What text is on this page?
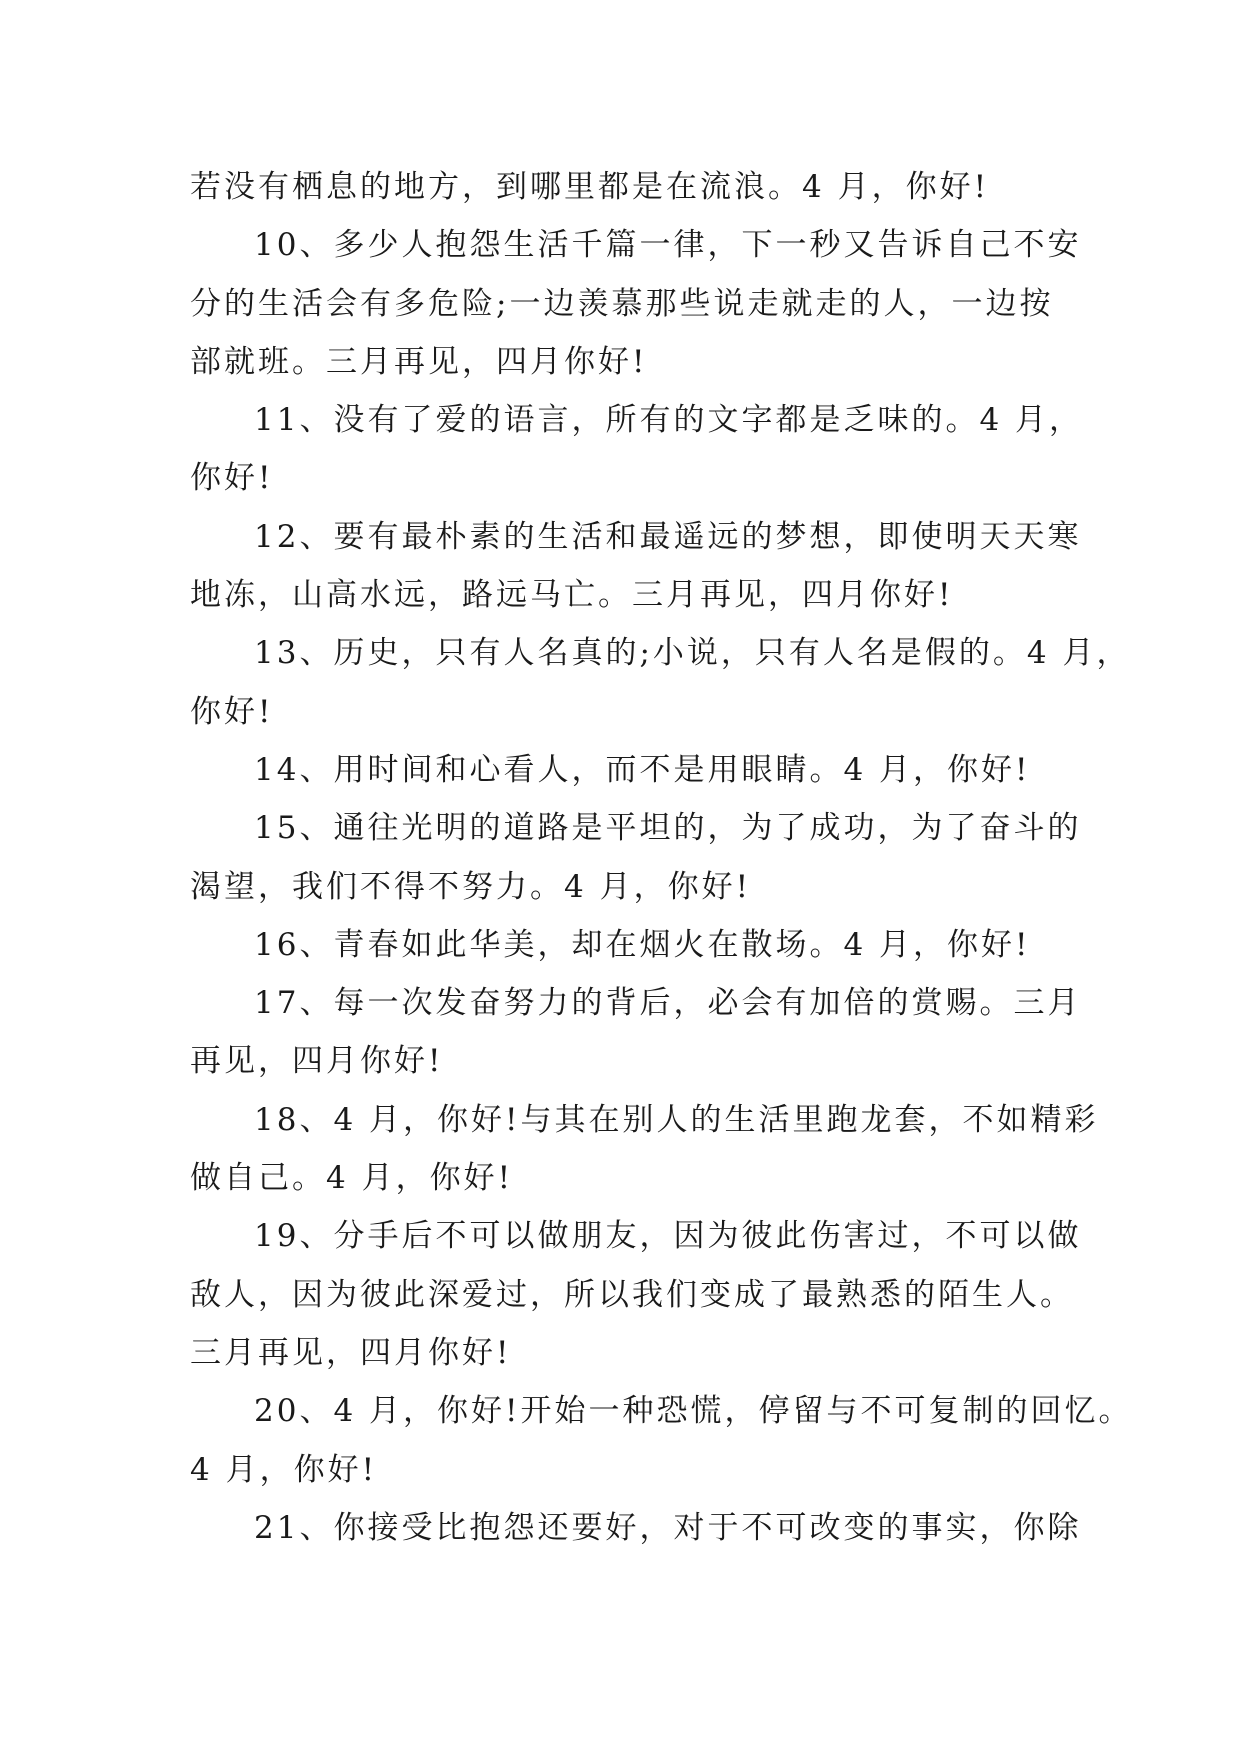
若没有栖息的地方，到哪里都是在流浪。4 月，你好!
10、多少人抱怨生活千篇一律，下一秒又告诉自己不安
分的生活会有多危险;一边羡慕那些说走就走的人，一边按
部就班。三月再见，四月你好!
11、没有了爱的语言，所有的文字都是乏味的。4 月，
你好!
12、要有最朴素的生活和最遥远的梦想，即使明天天寒
地冻，山高水远，路远马亡。三月再见，四月你好!
13、历史，只有人名真的;小说，只有人名是假的。4 月，
你好!
14、用时间和心看人，而不是用眼睛。4 月，你好!
15、通往光明的道路是平坦的，为了成功，为了奋斗的
渴望，我们不得不努力。4 月，你好!
16、青春如此华美，却在烟火在散场。4 月，你好!
17、每一次发奋努力的背后，必会有加倍的赏赐。三月
再见，四月你好!
18、4 月，你好!与其在别人的生活里跑龙套，不如精彩
做自己。4 月，你好!
19、分手后不可以做朋友，因为彼此伤害过，不可以做
敌人，因为彼此深爱过，所以我们变成了最熟悉的陌生人。
三月再见，四月你好!
20、4 月，你好!开始一种恐慌，停留与不可复制的回忆。
4 月，你好!
21、你接受比抱怨还要好，对于不可改变的事实，你除
